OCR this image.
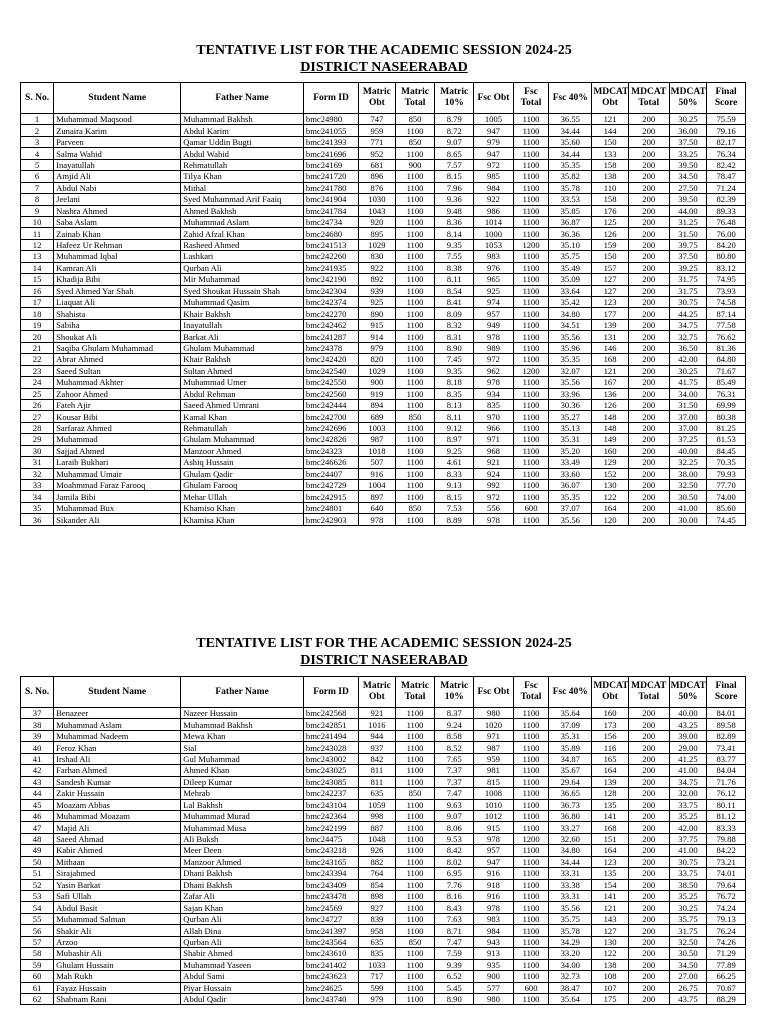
TENTATIVE LIST FOR THE ACADEMIC SESSION 2024-25
DISTRICT NASEERABAD
S. No.	Student Name	Father Name	Form ID	Matric Obt	Matric Total	Matric 10%	Fsc Obt	Fsc Total	Fsc 40%	MDCAT Obt	MDCAT Total	MDCAT 50%	Final Score
1	Muhammad Maqsood	Muhammad Bakhsh	bmc24980	747	850	8.79	1005	1100	36.55	121	200	30.25	75.59
2	Zunaira Karim	Abdul Karim	bmc241055	959	1100	8.72	947	1100	34.44	144	200	36.00	79.16
3	Parveen	Qamar Uddin Bugti	bmc241393	771	850	9.07	979	1100	35.60	150	200	37.50	82.17
4	Salma Wahid	Abdul Wahid	bmc241696	952	1100	8.65	947	1100	34.44	133	200	33.25	76.34
5	Inayatullah	Rehmatullah	bmc24169	681	900	7.57	972	1100	35.35	158	200	39.50	82.42
6	Amjid Ali	Tilya Khan	bmc241720	896	1100	8.15	985	1100	35.82	138	200	34.50	78.47
7	Abdul Nabi	Mithal	bmc241780	876	1100	7.96	984	1100	35.78	110	200	27.50	71.24
8	Jeelani	Syed Muhammad Arif Faaiq	bmc241904	1030	1100	9.36	922	1100	33.53	158	200	39.50	82.39
9	Nashra Ahmed	Ahmed Bakhsh	bmc241784	1043	1100	9.48	986	1100	35.85	176	200	44.00	89.33
10	Saba Aslam	Muhammad Aslam	bmc24734	920	1100	8.36	1014	1100	36.87	125	200	31.25	76.48
11	Zainab Khan	Zahid Afzal Khan	bmc24680	895	1100	8.14	1000	1100	36.36	126	200	31.50	76.00
12	Hafeez Ur Rehman	Rasheed Ahmed	bmc241513	1029	1100	9.35	1053	1200	35.10	159	200	39.75	84.20
13	Muhammad Iqbal	Lashkari	bmc242260	830	1100	7.55	983	1100	35.75	150	200	37.50	80.80
14	Kamran Ali	Qurban Ali	bmc241935	922	1100	8.38	976	1100	35.49	157	200	39.25	83.12
15	Khadija Bibi	Mir Muhammad	bmc242190	892	1100	8.11	965	1100	35.09	127	200	31.75	74.95
16	Syed Ahmed Yar Shah	Syed Shoukat Hussain Shah	bmc242304	939	1100	8.54	925	1100	33.64	127	200	31.75	73.93
17	Liaquat Ali	Muhammad Qasim	bmc242374	925	1100	8.41	974	1100	35.42	123	200	30.75	74.58
18	Shahista	Khair Bakhsh	bmc242270	890	1100	8.09	957	1100	34.80	177	200	44.25	87.14
19	Sabiha	Inayatullah	bmc242462	915	1100	8.32	949	1100	34.51	139	200	34.75	77.58
20	Shoukat Ali	Barkat Ali	bmc241287	914	1100	8.31	978	1100	35.56	131	200	32.75	76.62
21	Saqiba Ghulam Muhammad	Ghulam Muhammad	bmc24378	979	1100	8.90	989	1100	35.96	146	200	36.50	81.36
22	Abrar Ahmed	Khair Bakhsh	bmc242420	820	1100	7.45	972	1100	35.35	168	200	42.00	84.80
23	Saeed Sultan	Sultan Ahmed	bmc242540	1029	1100	9.35	962	1200	32.07	121	200	30.25	71.67
24	Muhammad Akhter	Muhammad Umer	bmc242550	900	1100	8.18	978	1100	35.56	167	200	41.75	85.49
25	Zahoor Ahmed	Abdul Rehman	bmc242560	919	1100	8.35	934	1100	33.96	136	200	34.00	76.31
26	Fateh Ajir	Saeed Ahmed Umrani	bmc242444	894	1100	8.13	835	1100	30.36	126	200	31.50	69.99
27	Kousar Bibi	Kamal Khan	bmc242700	689	850	8.11	970	1100	35.27	148	200	37.00	80.38
28	Sarfaraz Ahmed	Rehmatullah	bmc242696	1003	1100	9.12	966	1100	35.13	148	200	37.00	81.25
29	Muhammad	Ghulam Muhammad	bmc242826	987	1100	8.97	971	1100	35.31	149	200	37.25	81.53
30	Sajjad Ahmed	Manzoor Ahmed	bmc24323	1018	1100	9.25	968	1100	35.20	160	200	40.00	84.45
31	Laraib Bukhari	Ashiq Hussain	bmc246626	507	1100	4.61	921	1100	33.49	129	200	32.25	70.35
32	Muhammad Umair	Ghulam Qadir	bmc24407	916	1100	8.33	924	1100	33.60	152	200	38.00	79.93
33	Moahmmad Faraz Farooq	Ghulam Farooq	bmc242729	1004	1100	9.13	992	1100	36.07	130	200	32.50	77.70
34	Jamila Bibi	Mehar Ullah	bmc242915	897	1100	8.15	972	1100	35.35	122	200	30.50	74.00
35	Muhammad Bux	Khamiso Khan	bmc24801	640	850	7.53	556	600	37.07	164	200	41.00	85.60
36	Sikander Ali	Khamisa Khan	bmc242903	978	1100	8.89	978	1100	35.56	120	200	30.00	74.45
TENTATIVE LIST FOR THE ACADEMIC SESSION 2024-25
DISTRICT NASEERABAD
S. No.	Student Name	Father Name	Form ID	Matric Obt	Matric Total	Matric 10%	Fsc Obt	Fsc Total	Fsc 40%	MDCAT Obt	MDCAT Total	MDCAT 50%	Final Score
37	Benazeer	Nazeer Hussain	bmc242568	921	1100	8.37	980	1100	35.64	160	200	40.00	84.01
38	Muhammad Aslam	Muhammad Bakhsh	bmc242851	1016	1100	9.24	1020	1100	37.09	173	200	43.25	89.58
39	Muhammad Nadeem	Mewa Khan	bmc241494	944	1100	8.58	971	1100	35.31	156	200	39.00	82.89
40	Feroz Khan	Sial	bmc243028	937	1100	8.52	987	1100	35.89	116	200	29.00	73.41
41	Irshad Ali	Gul Muhammad	bmc243002	842	1100	7.65	959	1100	34.87	165	200	41.25	83.77
42	Farhan Ahmed	Ahmed Khan	bmc243025	811	1100	7.37	981	1100	35.67	164	200	41.00	84.04
43	Sandesh Kumar	Dileep Kumar	bmc243085	811	1100	7.37	815	1100	29.64	139	200	34.75	71.76
44	Zakir Hussain	Mehrab	bmc242237	635	850	7.47	1008	1100	36.65	128	200	32.00	76.12
45	Moazam Abbas	Lal Bakhsh	bmc243104	1059	1100	9.63	1010	1100	36.73	135	200	33.75	80.11
46	Muhammad Moazam	Muhammad Murad	bmc242364	998	1100	9.07	1012	1100	36.80	141	200	35.25	81.12
47	Majid Ali	Muhammad Musa	bmc242199	887	1100	8.06	915	1100	33.27	168	200	42.00	83.33
48	Saeed Ahmad	Ali Buksh	bmc24475	1048	1100	9.53	978	1200	32.60	151	200	37.75	79.88
49	Kabir Ahmed	Meer Deen	bmc243218	926	1100	8.42	957	1100	34.80	164	200	41.00	84.22
50	Mithaan	Manzoor Ahmed	bmc243165	882	1100	8.02	947	1100	34.44	123	200	30.75	73.21
51	Sirajahmed	Dhani Bakhsh	bmc243394	764	1100	6.95	916	1100	33.31	135	200	33.75	74.01
52	Yasin Barkat	Dhani Bakhsh	bmc243409	854	1100	7.76	918	1100	33.38	154	200	38.50	79.64
53	Safi Ullah	Zafar Ali	bmc243478	898	1100	8.16	916	1100	33.31	141	200	35.25	76.72
54	Abdul Basit	Sajan Khan	bmc24569	927	1100	8.43	978	1100	35.56	121	200	30.25	74.24
55	Muhammad Salman	Qurban Ali	bmc24727	839	1100	7.63	983	1100	35.75	143	200	35.75	79.13
56	Shakir Ali	Allah Dina	bmc241397	958	1100	8.71	984	1100	35.78	127	200	31.75	76.24
57	Arzoo	Qurban Ali	bmc243564	635	850	7.47	943	1100	34.29	130	200	32.50	74.26
58	Mubashir Ali	Shabir Ahmed	bmc243610	835	1100	7.59	913	1100	33.20	122	200	30.50	71.29
59	Ghulam Hussain	Muhammad Yaseen	bmc241402	1033	1100	9.39	935	1100	34.00	138	200	34.50	77.89
60	Mah Rukh	Abdul Sami	bmc243623	717	1100	6.52	900	1100	32.73	108	200	27.00	66.25
61	Fayaz Hussain	Piyar Hussain	bmc24625	599	1100	5.45	577	600	38.47	107	200	26.75	70.67
62	Shabnam Rani	Abdul Qadir	bmc243740	979	1100	8.90	980	1100	35.64	175	200	43.75	88.29
